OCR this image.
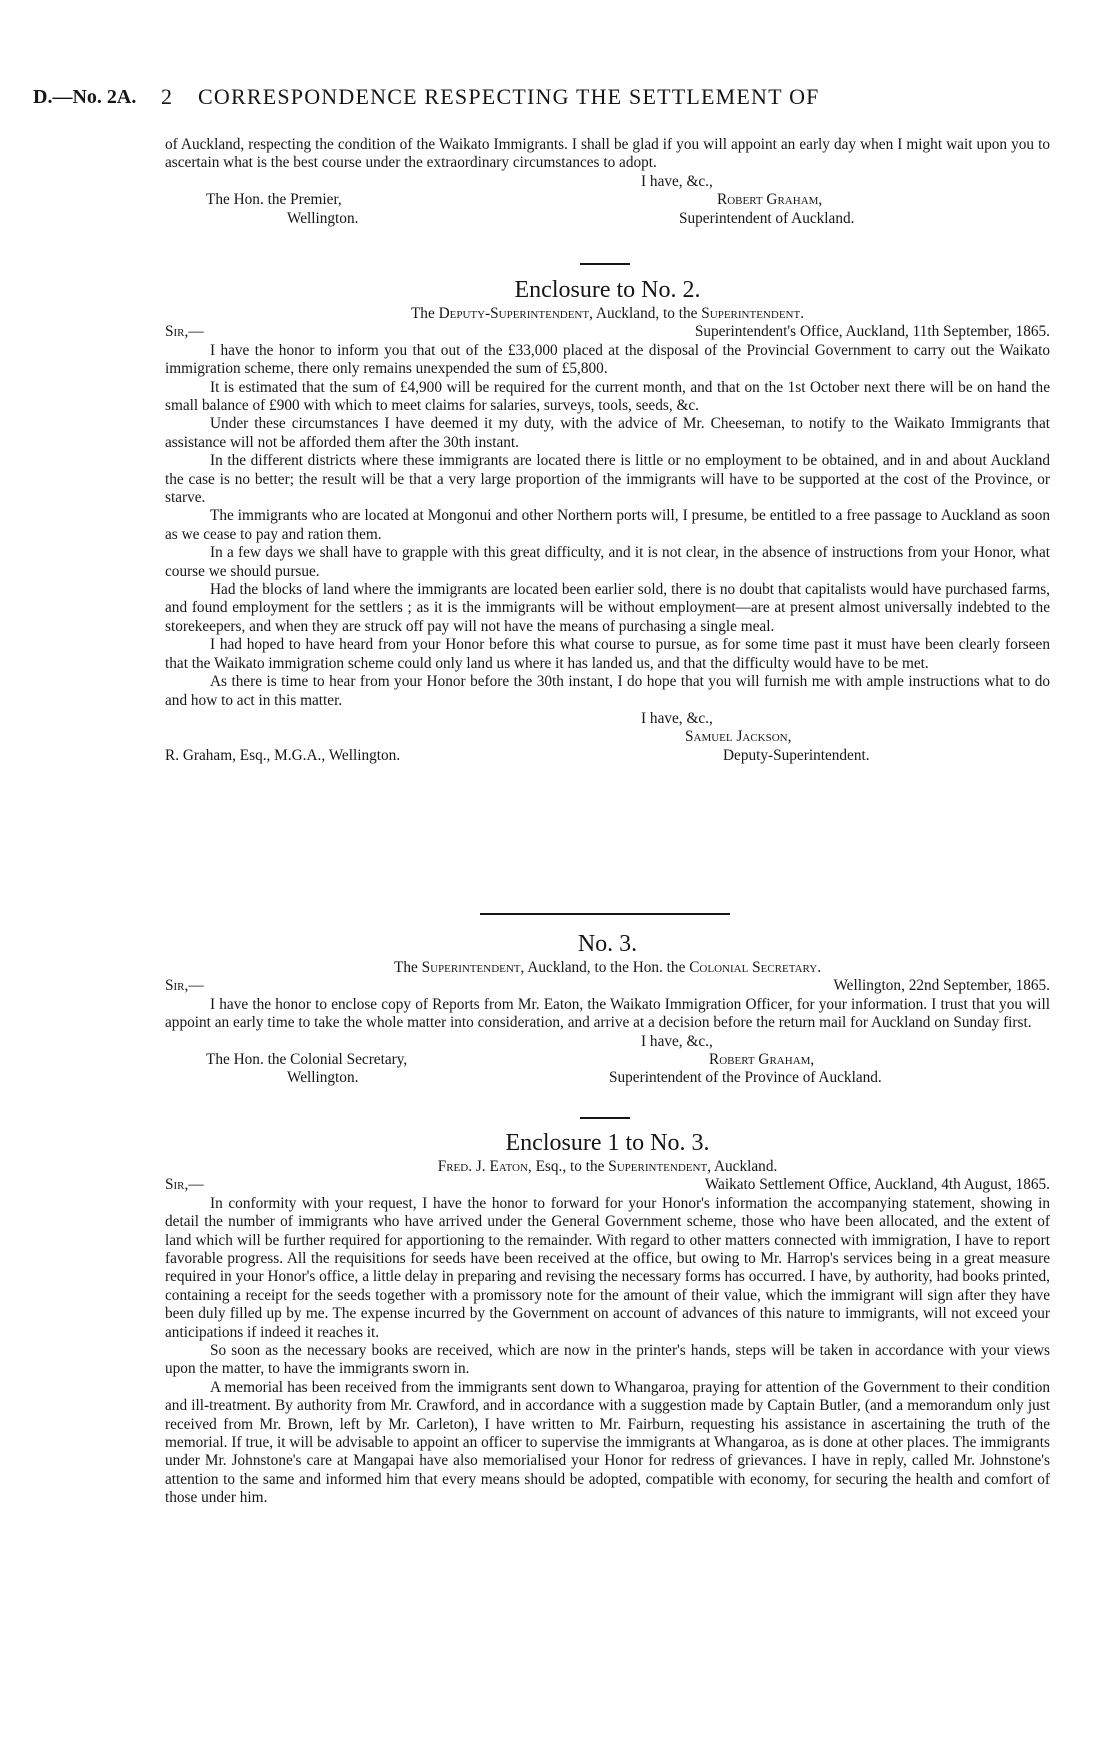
D.—No. 2A. 2 CORRESPONDENCE RESPECTING THE SETTLEMENT OF

of Auckland, respecting the condition of the Waikato Immigrants. I shall be glad if you will appoint an early day when I might wait upon you to ascertain what is the best course under the extraordinary circumstances to adopt.

I have, &c.,
The Hon. the Premier,	Robert Graham,
Wellington.	Superintendent of Auckland.
Enclosure to No. 2.

The Deputy-Superintendent, Auckland, to the Superintendent.

Sir,—	Superintendent's Office, Auckland, 11th September, 1865.

I have the honor to inform you that out of the £33,000 placed at the disposal of the Provincial Government to carry out the Waikato immigration scheme, there only remains unexpended the sum of £5,800.

It is estimated that the sum of £4,900 will be required for the current month, and that on the 1st October next there will be on hand the small balance of £900 with which to meet claims for salaries, surveys, tools, seeds, &c.

Under these circumstances I have deemed it my duty, with the advice of Mr. Cheeseman, to notify to the Waikato Immigrants that assistance will not be afforded them after the 30th instant.

In the different districts where these immigrants are located there is little or no employment to be obtained, and in and about Auckland the case is no better; the result will be that a very large proportion of the immigrants will have to be supported at the cost of the Province, or starve.

The immigrants who are located at Mongonui and other Northern ports will, I presume, be entitled to a free passage to Auckland as soon as we cease to pay and ration them.

In a few days we shall have to grapple with this great difficulty, and it is not clear, in the absence of instructions from your Honor, what course we should pursue.

Had the blocks of land where the immigrants are located been earlier sold, there is no doubt that capitalists would have purchased farms, and found employment for the settlers ; as it is the immigrants will be without employment—are at present almost universally indebted to the storekeepers, and when they are struck off pay will not have the means of purchasing a single meal.

I had hoped to have heard from your Honor before this what course to pursue, as for some time past it must have been clearly forseen that the Waikato immigration scheme could only land us where it has landed us, and that the difficulty would have to be met.

As there is time to hear from your Honor before the 30th instant, I do hope that you will furnish me with ample instructions what to do and how to act in this matter.

I have, &c.,
Samuel Jackson,
R. Graham, Esq., M.G.A., Wellington.	Deputy-Superintendent.
No. 3.

The Superintendent, Auckland, to the Hon. the Colonial Secretary.

Sir,—	Wellington, 22nd September, 1865.

I have the honor to enclose copy of Reports from Mr. Eaton, the Waikato Immigration Officer, for your information. I trust that you will appoint an early time to take the whole matter into consideration, and arrive at a decision before the return mail for Auckland on Sunday first.

I have, &c.,
The Hon. the Colonial Secretary,	Robert Graham,
Wellington.	Superintendent of the Province of Auckland.
Enclosure 1 to No. 3.

Fred. J. Eaton, Esq., to the Superintendent, Auckland.

Sir,—	Waikato Settlement Office, Auckland, 4th August, 1865.

In conformity with your request, I have the honor to forward for your Honor's information the accompanying statement, showing in detail the number of immigrants who have arrived under the General Government scheme, those who have been allocated, and the extent of land which will be further required for apportioning to the remainder. With regard to other matters connected with immigration, I have to report favorable progress. All the requisitions for seeds have been received at the office, but owing to Mr. Harrop's services being in a great measure required in your Honor's office, a little delay in preparing and revising the necessary forms has occurred. I have, by authority, had books printed, containing a receipt for the seeds together with a promissory note for the amount of their value, which the immigrant will sign after they have been duly filled up by me. The expense incurred by the Government on account of advances of this nature to immigrants, will not exceed your anticipations if indeed it reaches it.

So soon as the necessary books are received, which are now in the printer's hands, steps will be taken in accordance with your views upon the matter, to have the immigrants sworn in.

A memorial has been received from the immigrants sent down to Whangaroa, praying for attention of the Government to their condition and ill-treatment. By authority from Mr. Crawford, and in accordance with a suggestion made by Captain Butler, (and a memorandum only just received from Mr. Brown, left by Mr. Carleton), I have written to Mr. Fairburn, requesting his assistance in ascertaining the truth of the memorial. If true, it will be advisable to appoint an officer to supervise the immigrants at Whangaroa, as is done at other places. The immigrants under Mr. Johnstone's care at Mangapai have also memorialised your Honor for redress of grievances. I have in reply, called Mr. Johnstone's attention to the same and informed him that every means should be adopted, compatible with economy, for securing the health and comfort of those under him.
